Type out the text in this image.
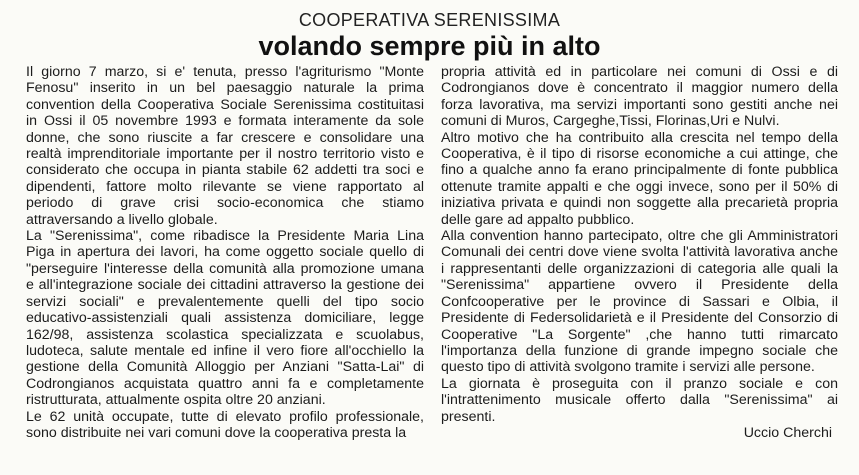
COOPERATIVA SERENISSIMA
volando sempre più in alto

Il giorno 7 marzo, si e' tenuta, presso l'agriturismo "Monte Fenosu" inserito in un bel paesaggio naturale la prima convention della Cooperativa Sociale Serenissima costituitasi in Ossi il 05 novembre 1993 e formata interamente da sole donne, che sono riuscite a far crescere e consolidare una realtà imprenditoriale importante per il nostro territorio visto e considerato che occupa in pianta stabile 62 addetti tra soci e dipendenti, fattore molto rilevante se viene rapportato al periodo di grave crisi socio-economica che stiamo attraversando a livello globale.

La "Serenissima", come ribadisce la Presidente Maria Lina Piga in apertura dei lavori, ha come oggetto sociale quello di "perseguire l'interesse della comunità alla promozione umana e all'integrazione sociale dei cittadini attraverso la gestione dei servizi sociali" e prevalentemente quelli del tipo socio educativo-assistenziali quali assistenza domiciliare, legge 162/98, assistenza scolastica specializzata e scuolabus, ludoteca, salute mentale ed infine il vero fiore all'occhiello la gestione della Comunità Alloggio per Anziani "Satta-Lai" di Codrongianos acquistata quattro anni fa e completamente ristrutturata, attualmente ospita oltre 20 anziani.

Le 62 unità occupate, tutte di elevato profilo professionale, sono distribuite nei vari comuni dove la cooperativa presta la

propria attività ed in particolare nei comuni di Ossi e di Codrongianos dove è concentrato il maggior numero della forza lavorativa, ma servizi importanti sono gestiti anche nei comuni di Muros, Cargeghe,Tissi, Florinas,Uri e Nulvi.

Altro motivo che ha contribuito alla crescita nel tempo della Cooperativa, è il tipo di risorse economiche a cui attinge, che fino a qualche anno fa erano principalmente di fonte pubblica ottenute tramite appalti e che oggi invece, sono per il 50% di iniziativa privata e quindi non soggette alla precarietà propria delle gare ad appalto pubblico.

Alla convention hanno partecipato, oltre che gli Amministratori Comunali dei centri dove viene svolta l'attività lavorativa anche i rappresentanti delle organizzazioni di categoria alle quali la "Serenissima" appartiene ovvero il Presidente della Confcooperative per le province di Sassari e Olbia, il Presidente di Federsolidarietà e il Presidente del Consorzio di Cooperative "La Sorgente" ,che hanno tutti rimarcato l'importanza della funzione di grande impegno sociale che questo tipo di attività svolgono tramite i servizi alle persone.

La giornata è proseguita con il pranzo sociale e con l'intrattenimento musicale offerto dalla "Serenissima" ai presenti.

Uccio Cherchi
